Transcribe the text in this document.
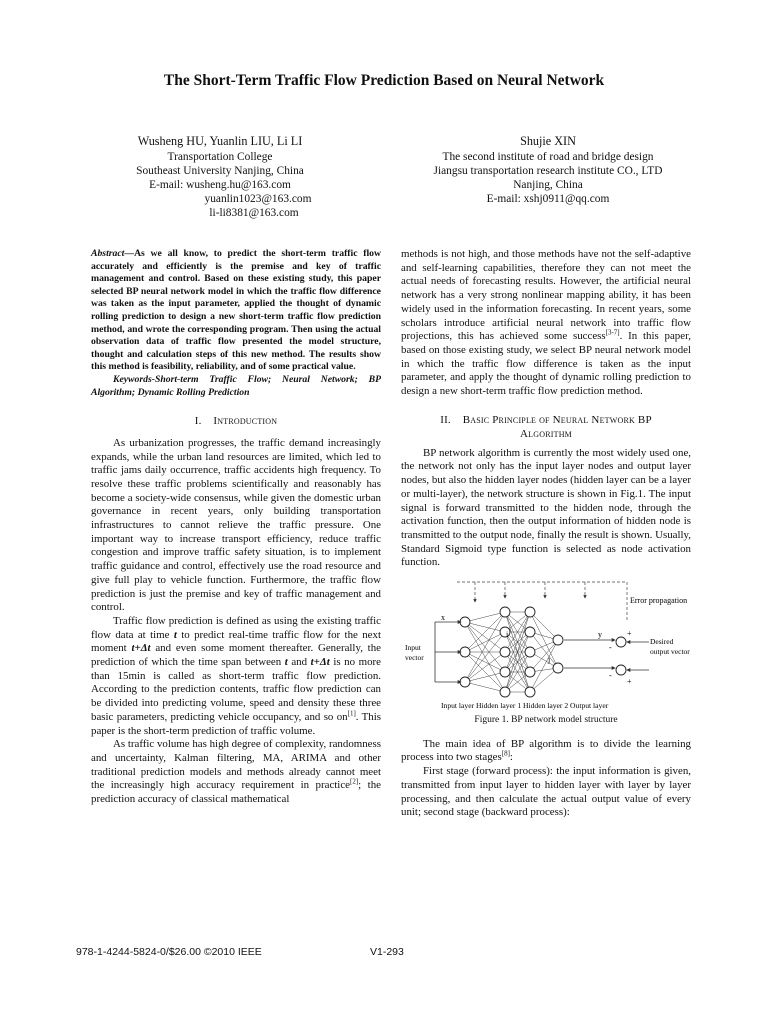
The Short-Term Traffic Flow Prediction Based on Neural Network
Wusheng HU, Yuanlin LIU, Li LI
Transportation College
Southeast University Nanjing, China
E-mail: wusheng.hu@163.com
yuanlin1023@163.com
li-li8381@163.com
Shujie XIN
The second institute of road and bridge design
Jiangsu transportation research institute CO., LTD
Nanjing, China
E-mail: xshj0911@qq.com

Abstract—As we all know, to predict the short-term traffic flow accurately and efficiently is the premise and key of traffic management and control. Based on these existing study, this paper selected BP neural network model in which the traffic flow difference was taken as the input parameter, applied the thought of dynamic rolling prediction to design a new short-term traffic flow prediction method, and wrote the corresponding program. Then using the actual observation data of traffic flow presented the model structure, thought and calculation steps of this new method. The results show this method is feasibility, reliability, and of some practical value.

Keywords-Short-term Traffic Flow; Neural Network; BP Algorithm; Dynamic Rolling Prediction

I. Introduction

As urbanization progresses, the traffic demand increasingly expands, while the urban land resources are limited, which led to traffic jams daily occurrence, traffic accidents high frequency. To resolve these traffic problems scientifically and reasonably has become a society-wide consensus, while given the domestic urban governance in recent years, only building transportation infrastructures to cannot relieve the traffic pressure. One important way to increase transport efficiency, reduce traffic congestion and improve traffic safety situation, is to implement traffic guidance and control, effectively use the road resource and give full play to vehicle function. Furthermore, the traffic flow prediction is just the premise and key of traffic management and control.

Traffic flow prediction is defined as using the existing traffic flow data at time t to predict real-time traffic flow for the next moment t+Δt and even some moment thereafter. Generally, the prediction of which the time span between t and t+Δt is no more than 15min is called as short-term traffic flow prediction. According to the prediction contents, traffic flow prediction can be divided into predicting volume, speed and density these three basic parameters, predicting vehicle occupancy, and so on[1]. This paper is the short-term prediction of traffic volume.

As traffic volume has high degree of complexity, randomness and uncertainty, Kalman filtering, MA, ARIMA and other traditional prediction models and methods already cannot meet the increasingly high accuracy requirement in practice[2]; the prediction accuracy of classical mathematical

methods is not high, and those methods have not the self-adaptive and self-learning capabilities, therefore they can not meet the actual needs of forecasting results. However, the artificial neural network has a very strong nonlinear mapping ability, it has been widely used in the information forecasting. In recent years, some scholars introduce artificial neural network into traffic flow projections, this has achieved some success[3-7]. In this paper, based on those existing study, we select BP neural network model in which the traffic flow difference is taken as the input parameter, and apply the thought of dynamic rolling prediction to design a new short-term traffic flow prediction method.

II. Basic Principle of Neural Network BP
Algorithm

BP network algorithm is currently the most widely used one, the network not only has the input layer nodes and output layer nodes, but also the hidden layer nodes (hidden layer can be a layer or multi-layer), the network structure is shown in Fig.1. The input signal is forward transmitted to the hidden node, through the activation function, then the output information of hidden node is transmitted to the output node, finally the result is shown. Usually, Standard Sigmoid type function is selected as node activation function.

Error propagation
Input
vector
x
i
j
y
Desired
output vector
-
+
-
+
Input layer Hidden layer 1 Hidden layer 2 Output layer
Figure 1. BP network model structure

The main idea of BP algorithm is to divide the learning process into two stages[8]:

First stage (forward process): the input information is given, transmitted from input layer to hidden layer with layer by layer processing, and then calculate the actual output value of every unit; second stage (backward process):

978-1-4244-5824-0/$26.00 ©2010 IEEE	V1-293
